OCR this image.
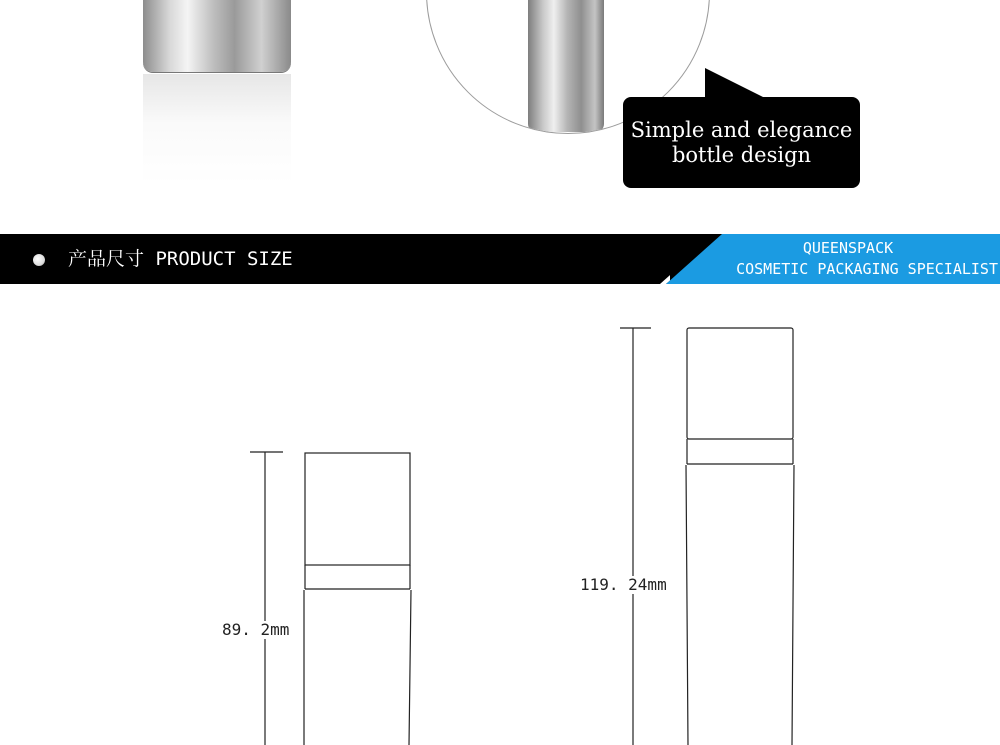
Simple and elegance
bottle design
产品尺寸 PRODUCT SIZE	QUEENSPACK
COSMETIC PACKAGING SPECIALIST
89. 2mm
119. 24mm
